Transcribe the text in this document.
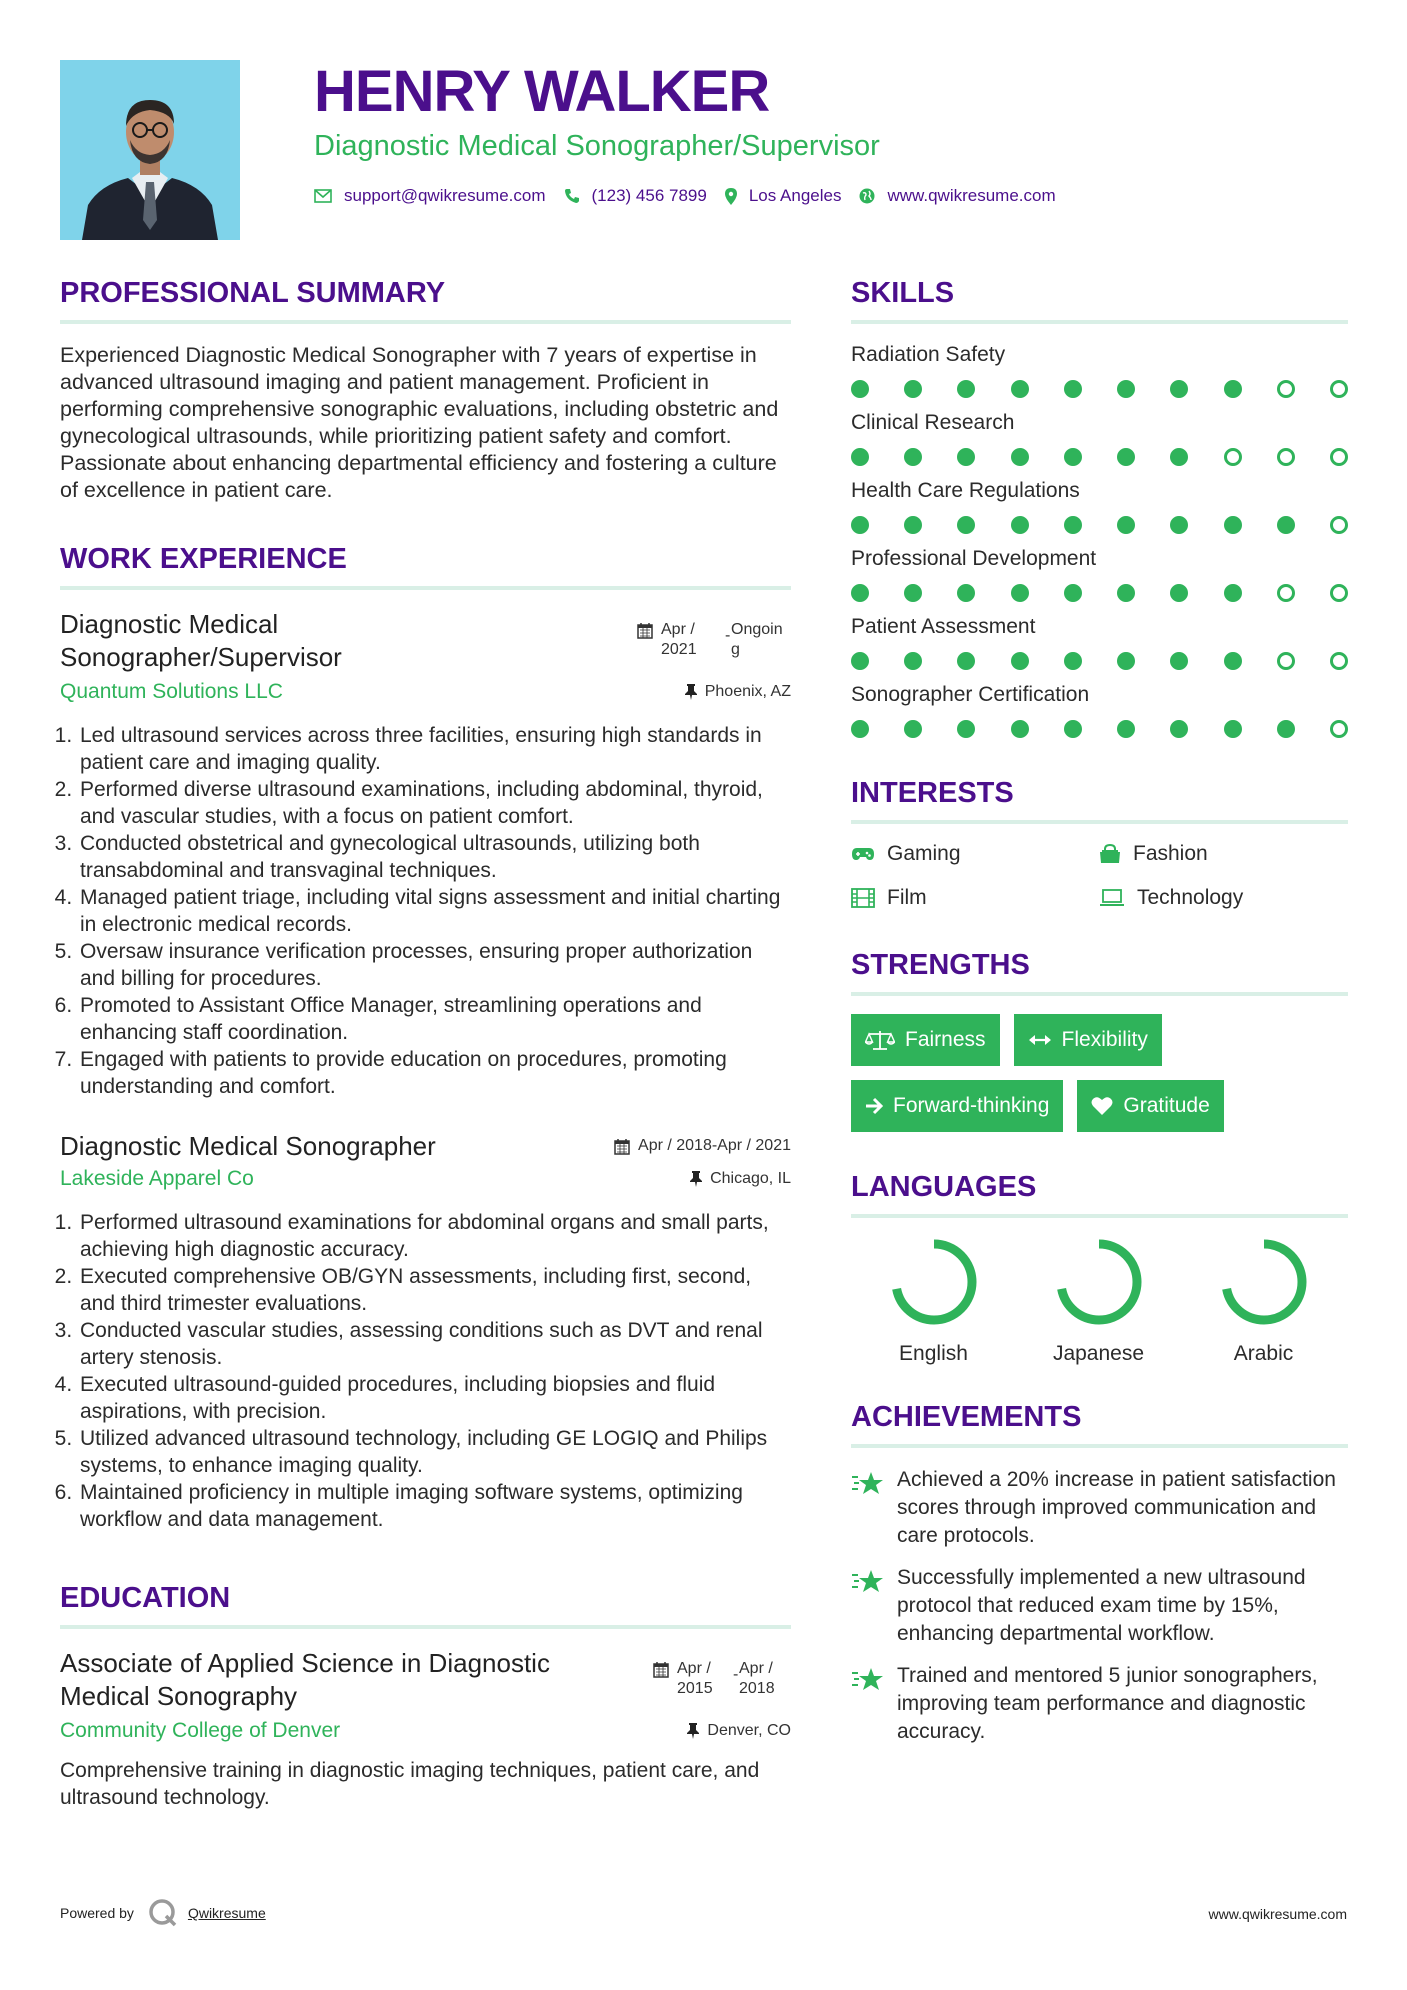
HENRY WALKER
Diagnostic Medical Sonographer/Supervisor
support@qwikresume.com	(123) 456 7899 Los Angeles	www.qwikresume.com
PROFESSIONAL SUMMARY

Experienced Diagnostic Medical Sonographer with 7 years of expertise in advanced ultrasound imaging and patient management. Proficient in performing comprehensive sonographic evaluations, including obstetric and gynecological ultrasounds, while prioritizing patient safety and comfort. Passionate about enhancing departmental efficiency and fostering a culture of excellence in patient care.

WORK EXPERIENCE
Diagnostic Medical Sonographer/Supervisor
Apr / 2021
- Ongoin g
Quantum Solutions LLC	Phoenix, AZ
1. Led ultrasound services across three facilities, ensuring high standards in patient care and imaging quality.
2. Performed diverse ultrasound examinations, including abdominal, thyroid, and vascular studies, with a focus on patient comfort.
3. Conducted obstetrical and gynecological ultrasounds, utilizing both transabdominal and transvaginal techniques.
4. Managed patient triage, including vital signs assessment and initial charting in electronic medical records.
5. Oversaw insurance verification processes, ensuring proper authorization and billing for procedures.
6. Promoted to Assistant Office Manager, streamlining operations and enhancing staff coordination.
7. Engaged with patients to provide education on procedures, promoting understanding and comfort.
Diagnostic Medical Sonographer	Apr / 2018-Apr / 2021
Lakeside Apparel Co	Chicago, IL
1. Performed ultrasound examinations for abdominal organs and small parts, achieving high diagnostic accuracy.
2. Executed comprehensive OB/GYN assessments, including first, second, and third trimester evaluations.
3. Conducted vascular studies, assessing conditions such as DVT and renal artery stenosis.
4. Executed ultrasound-guided procedures, including biopsies and fluid aspirations, with precision.
5. Utilized advanced ultrasound technology, including GE LOGIQ and Philips systems, to enhance imaging quality.
6. Maintained proficiency in multiple imaging software systems, optimizing workflow and data management.
EDUCATION
Associate of Applied Science in Diagnostic Medical Sonography
Apr / 2015
- Apr / 2018
Community College of Denver	Denver, CO

Comprehensive training in diagnostic imaging techniques, patient care, and ultrasound technology.

SKILLS
Radiation Safety
Clinical Research
Health Care Regulations
Professional Development
Patient Assessment
Sonographer Certification
INTERESTS
Gaming	Fashion
Film	Technology
STRENGTHS
Fairness	Flexibility
Forward-thinking	Gratitude
LANGUAGES
English	Japanese	Arabic
ACHIEVEMENTS
Achieved a 20% increase in patient satisfaction scores through improved communication and care protocols.
Successfully implemented a new ultrasound protocol that reduced exam time by 15%, enhancing departmental workflow.
Trained and mentored 5 junior sonographers, improving team performance and diagnostic accuracy.
Powered by	Qwikresume	www.qwikresume.com
